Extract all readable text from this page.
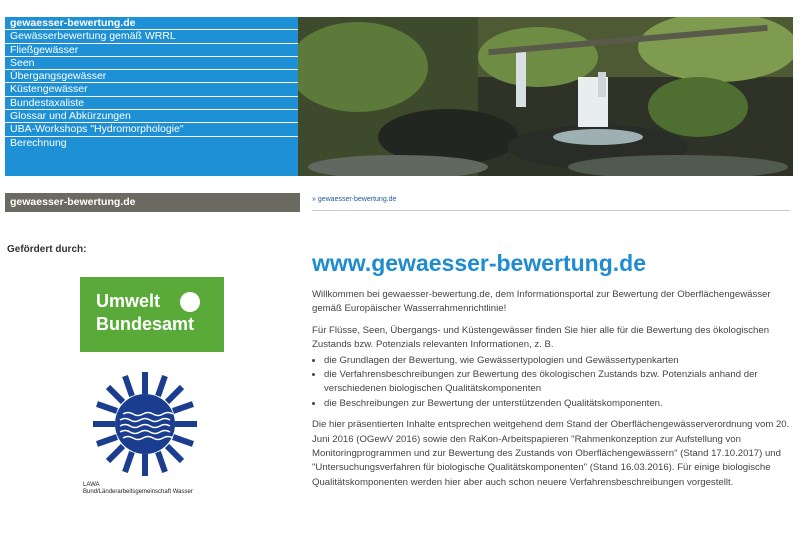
gewaesser-bewertung.de
Gewässerbewertung gemäß WRRL
Fließgewässer
Seen
Übergangsgewässer
Küstengewässer
Bundestaxaliste
Glossar und Abkürzungen
UBA-Workshops "Hydromorphologie"
Berechnung
gewaesser-bewertung.de	» gewaesser-bewertung.de
Gefördert durch:
Umwelt
Bundesamt
LAWA
Bund/Länderarbeitsgemeinschaft Wasser
www.gewaesser-bewertung.de

Willkommen bei gewaesser-bewertung.de, dem Informationsportal zur Bewertung der Oberflächengewässer gemäß Europäischer Wasserrahmenrichtlinie!

Für Flüsse, Seen, Übergangs- und Küstengewässer finden Sie hier alle für die Bewertung des ökologischen Zustands bzw. Potenzials relevanten Informationen, z. B.

• die Grundlagen der Bewertung, wie Gewässertypologien und Gewässertypenkarten
• die Verfahrensbeschreibungen zur Bewertung des ökologischen Zustands bzw. Potenzials anhand der verschiedenen biologischen Qualitätskomponenten
• die Beschreibungen zur Bewertung der unterstützenden Qualitätskomponenten.

Die hier präsentierten Inhalte entsprechen weitgehend dem Stand der Oberflächengewässerverordnung vom 20. Juni 2016 (OGewV 2016) sowie den RaKon-Arbeitspapieren "Rahmenkonzeption zur Aufstellung von Monitoringprogrammen und zur Bewertung des Zustands von Oberflächengewässern" (Stand 17.10.2017) und "Untersuchungsverfahren für biologische Qualitätskomponenten" (Stand 16.03.2016). Für einige biologische Qualitätskomponenten werden hier aber auch schon neuere Verfahrensbeschreibungen vorgestellt.
